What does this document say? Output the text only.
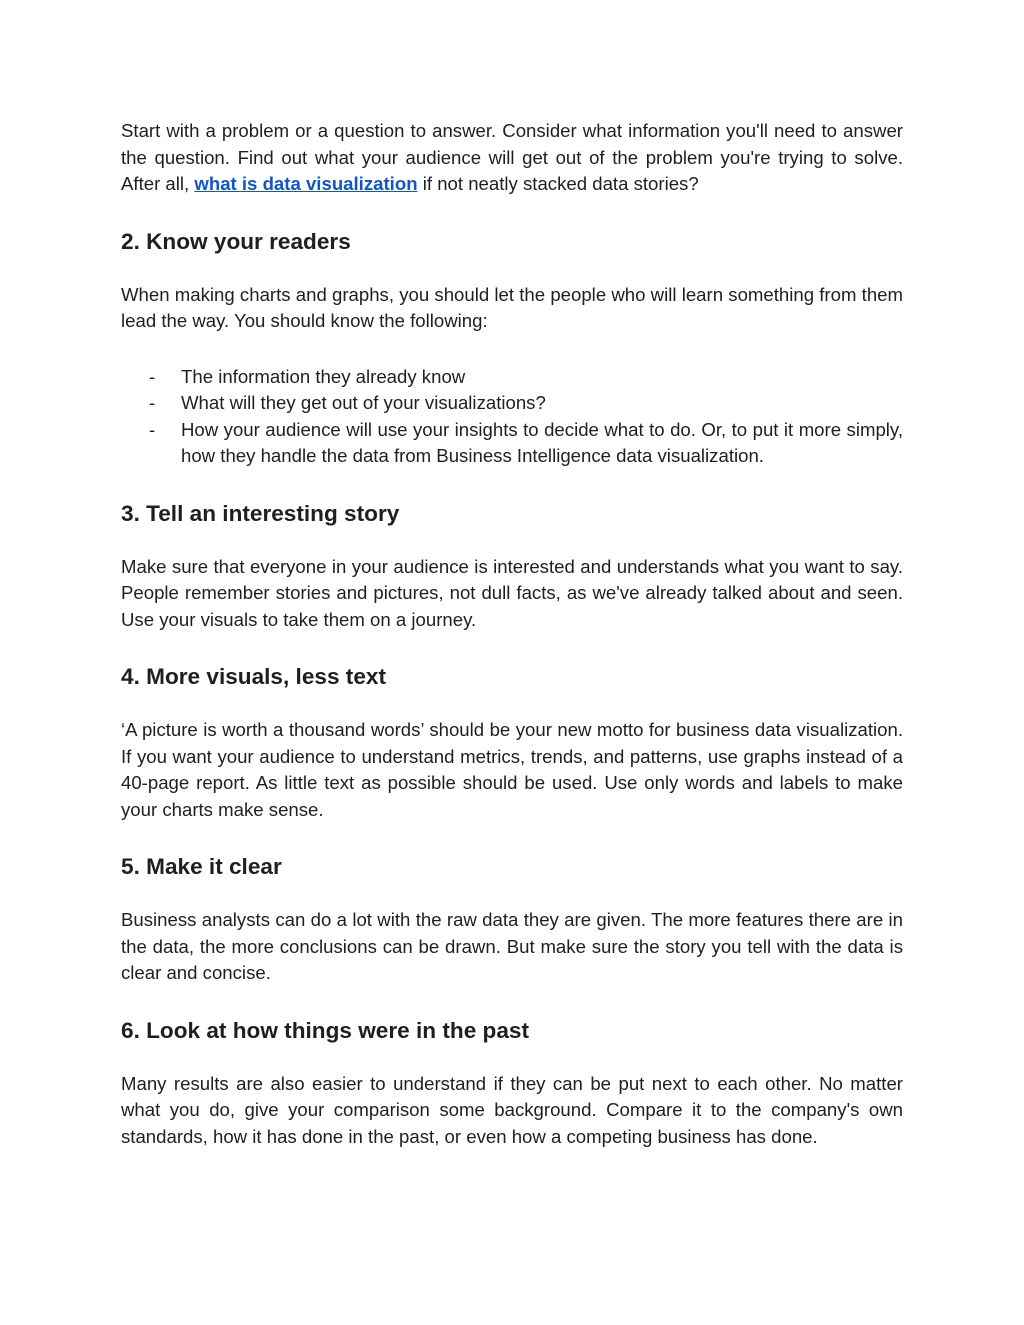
Start with a problem or a question to answer. Consider what information you'll need to answer the question. Find out what your audience will get out of the problem you're trying to solve. After all, what is data visualization if not neatly stacked data stories?

2. Know your readers

When making charts and graphs, you should let the people who will learn something from them lead the way. You should know the following:

- The information they already know
- What will they get out of your visualizations?
- How your audience will use your insights to decide what to do. Or, to put it more simply, how they handle the data from Business Intelligence data visualization.
3. Tell an interesting story

Make sure that everyone in your audience is interested and understands what you want to say. People remember stories and pictures, not dull facts, as we've already talked about and seen. Use your visuals to take them on a journey.

4. More visuals, less text

‘A picture is worth a thousand words’ should be your new motto for business data visualization. If you want your audience to understand metrics, trends, and patterns, use graphs instead of a 40-page report. As little text as possible should be used. Use only words and labels to make your charts make sense.

5. Make it clear

Business analysts can do a lot with the raw data they are given. The more features there are in the data, the more conclusions can be drawn. But make sure the story you tell with the data is clear and concise.

6. Look at how things were in the past

Many results are also easier to understand if they can be put next to each other. No matter what you do, give your comparison some background. Compare it to the company's own standards, how it has done in the past, or even how a competing business has done.
